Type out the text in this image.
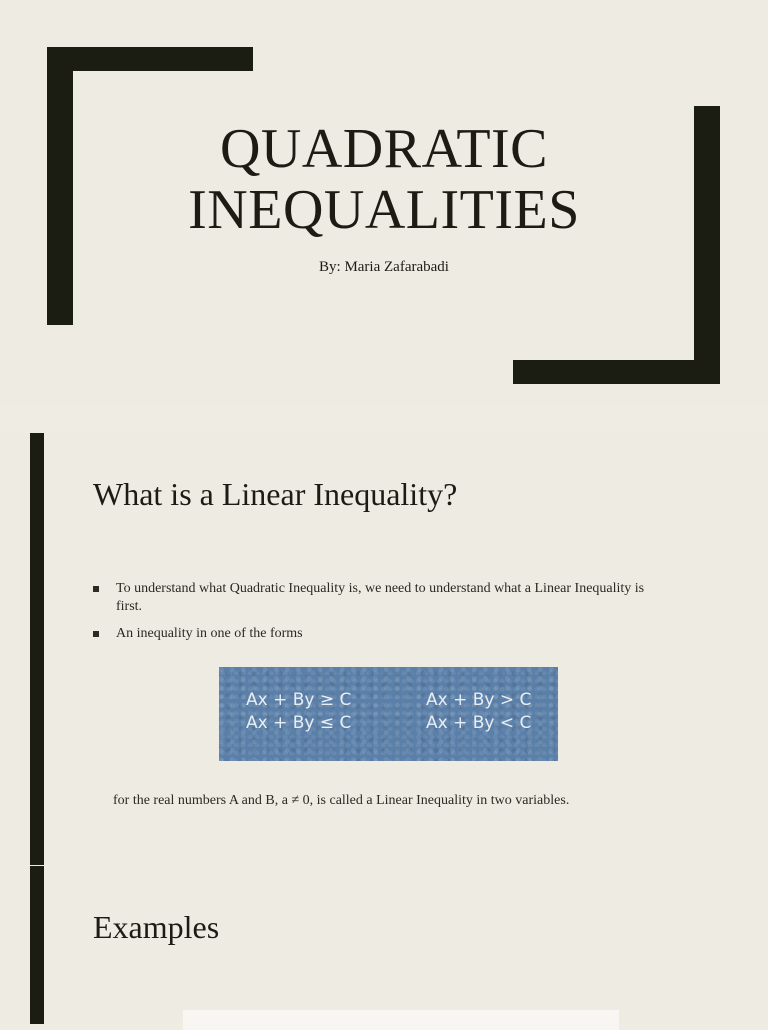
QUADRATIC
INEQUALITIES
By: Maria Zafarabadi
What is a Linear Inequality?
To understand what Quadratic Inequality is, we need to understand what a Linear Inequality is first.
An inequality in one of the forms
Ax + By ≥ C	Ax + By > C
Ax + By ≤ C	Ax + By < C
for the real numbers A and B, a ≠ 0, is called a Linear Inequality in two variables.
Examples
